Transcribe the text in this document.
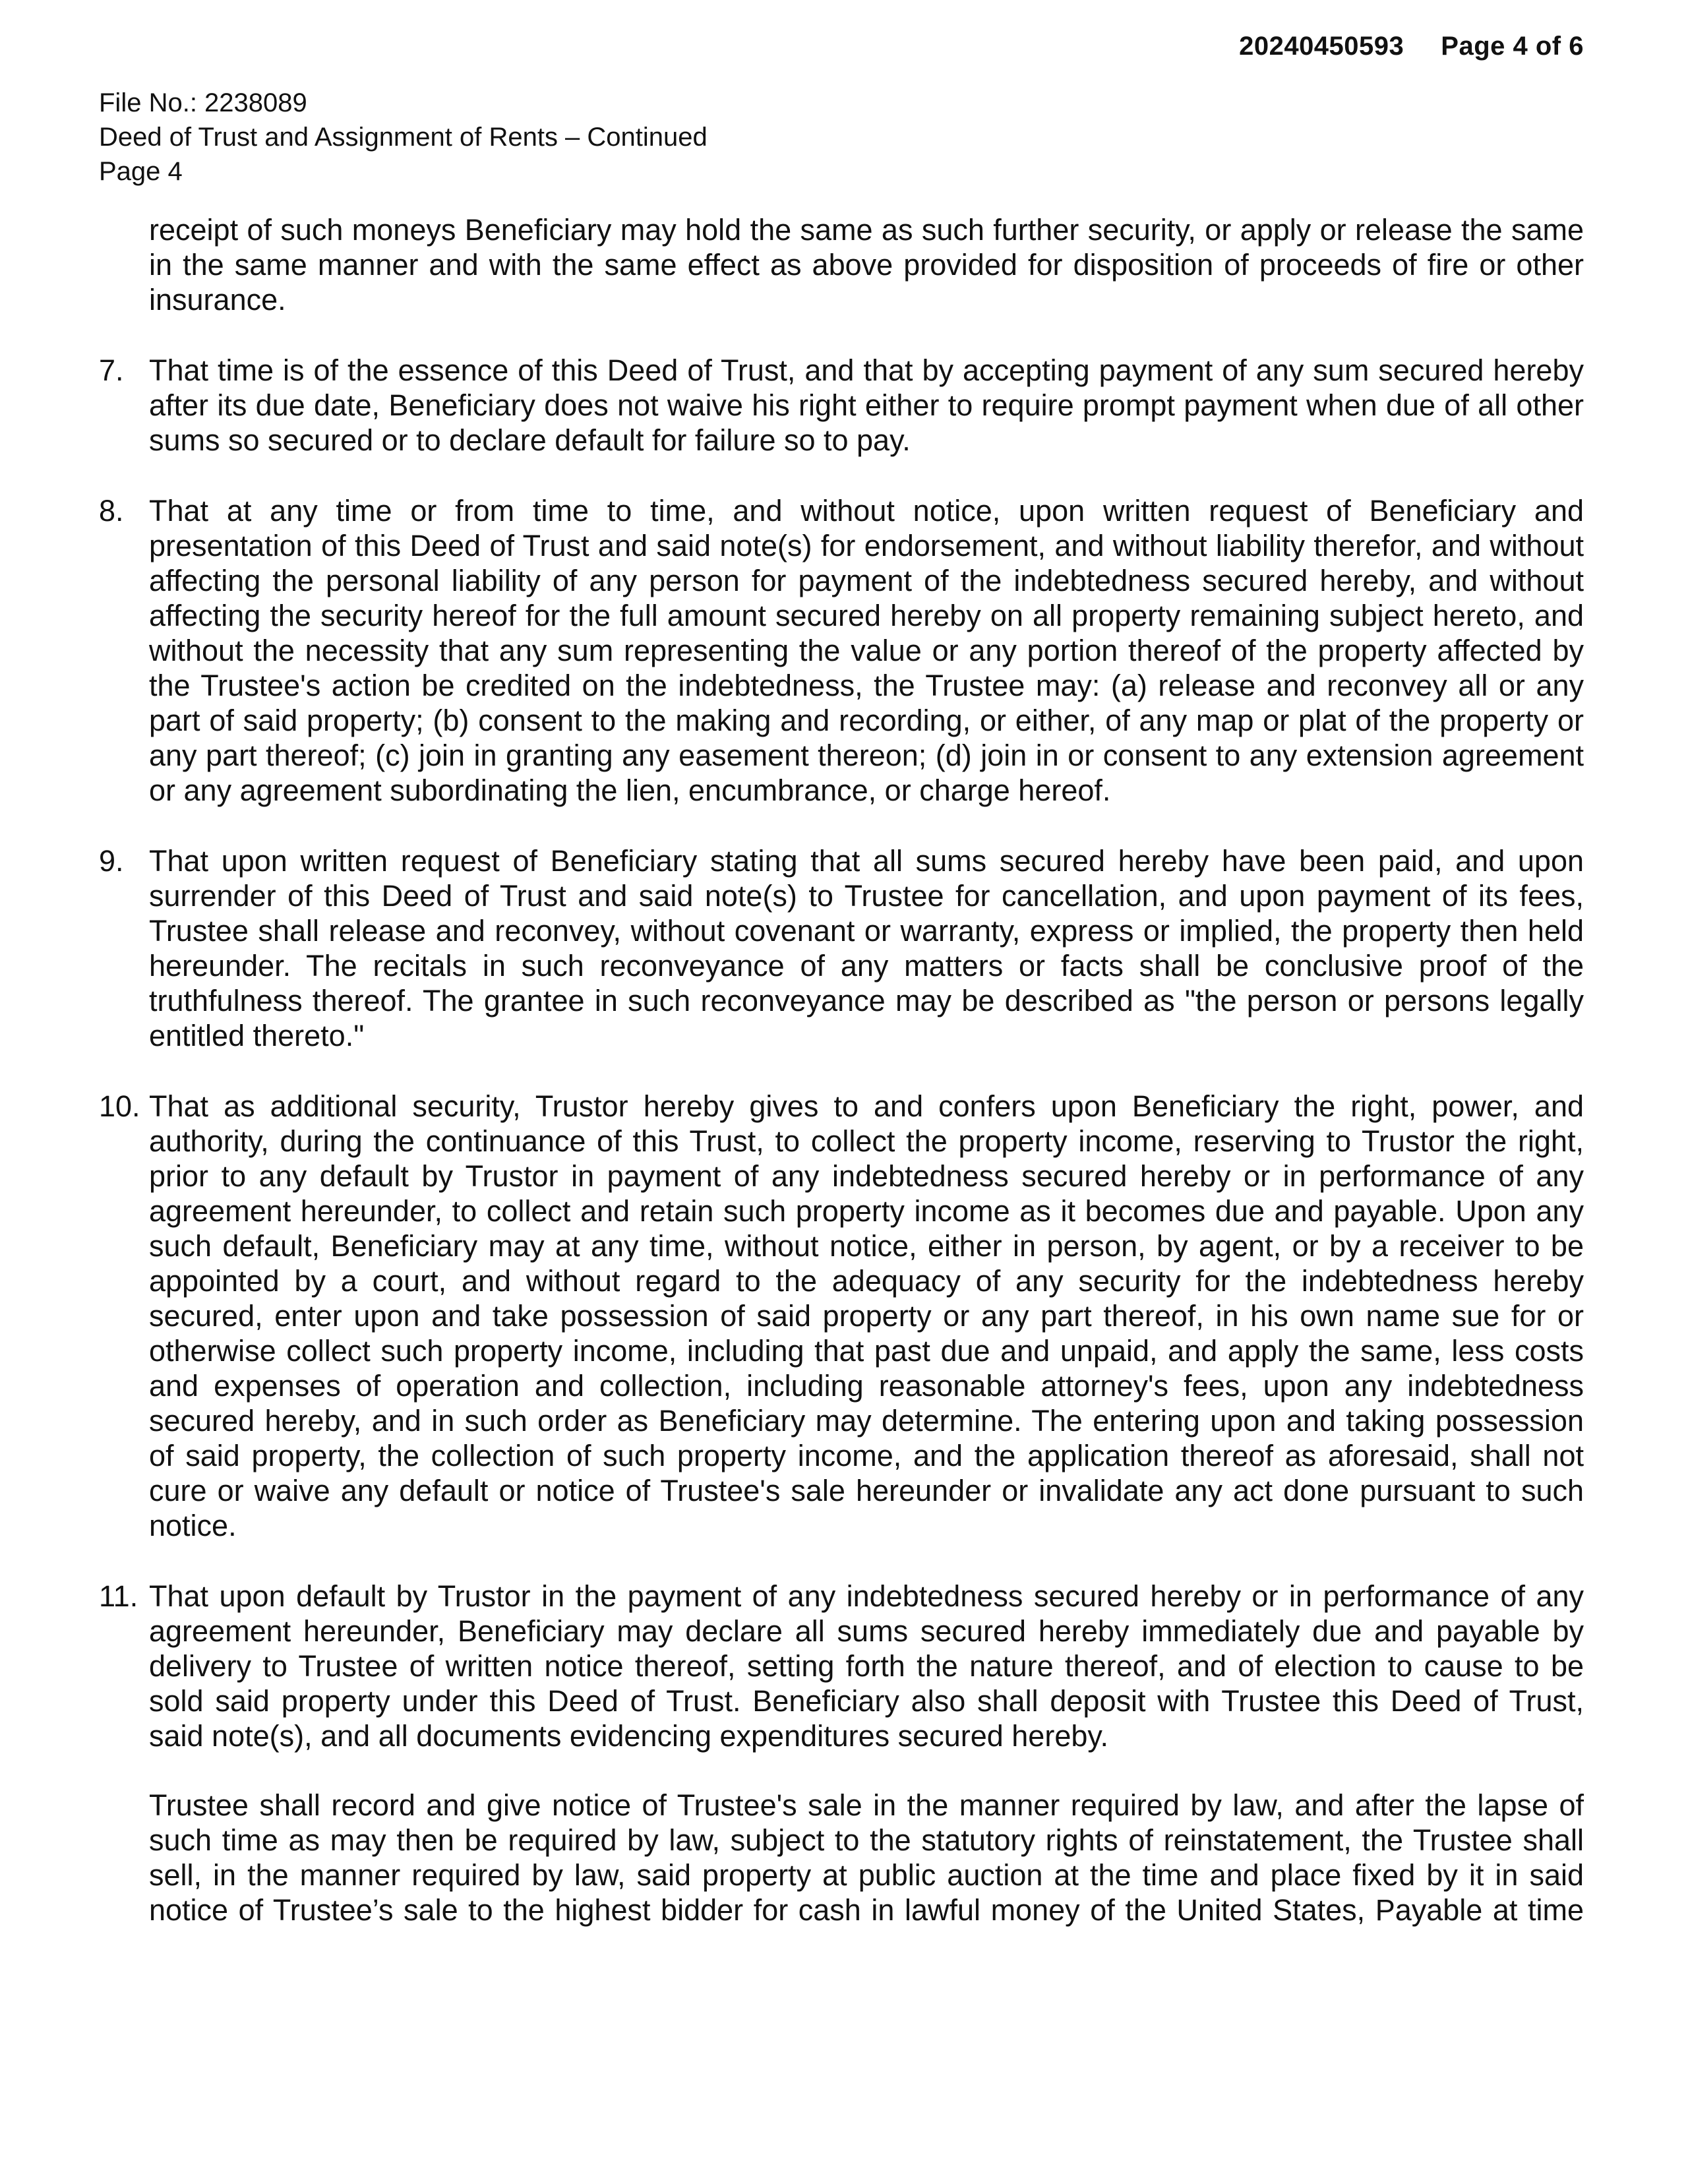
20240450593 Page 4 of 6
File No.: 2238089
Deed of Trust and Assignment of Rents – Continued
Page 4
receipt of such moneys Beneficiary may hold the same as such further security, or apply or release the same in the same manner and with the same effect as above provided for disposition of proceeds of fire or other insurance.
7. That time is of the essence of this Deed of Trust, and that by accepting payment of any sum secured hereby after its due date, Beneficiary does not waive his right either to require prompt payment when due of all other sums so secured or to declare default for failure so to pay.
8. That at any time or from time to time, and without notice, upon written request of Beneficiary and presentation of this Deed of Trust and said note(s) for endorsement, and without liability therefor, and without affecting the personal liability of any person for payment of the indebtedness secured hereby, and without affecting the security hereof for the full amount secured hereby on all property remaining subject hereto, and without the necessity that any sum representing the value or any portion thereof of the property affected by the Trustee's action be credited on the indebtedness, the Trustee may: (a) release and reconvey all or any part of said property; (b) consent to the making and recording, or either, of any map or plat of the property or any part thereof; (c) join in granting any easement thereon; (d) join in or consent to any extension agreement or any agreement subordinating the lien, encumbrance, or charge hereof.
9. That upon written request of Beneficiary stating that all sums secured hereby have been paid, and upon surrender of this Deed of Trust and said note(s) to Trustee for cancellation, and upon payment of its fees, Trustee shall release and reconvey, without covenant or warranty, express or implied, the property then held hereunder. The recitals in such reconveyance of any matters or facts shall be conclusive proof of the truthfulness thereof. The grantee in such reconveyance may be described as "the person or persons legally entitled thereto."
10. That as additional security, Trustor hereby gives to and confers upon Beneficiary the right, power, and authority, during the continuance of this Trust, to collect the property income, reserving to Trustor the right, prior to any default by Trustor in payment of any indebtedness secured hereby or in performance of any agreement hereunder, to collect and retain such property income as it becomes due and payable. Upon any such default, Beneficiary may at any time, without notice, either in person, by agent, or by a receiver to be appointed by a court, and without regard to the adequacy of any security for the indebtedness hereby secured, enter upon and take possession of said property or any part thereof, in his own name sue for or otherwise collect such property income, including that past due and unpaid, and apply the same, less costs and expenses of operation and collection, including reasonable attorney's fees, upon any indebtedness secured hereby, and in such order as Beneficiary may determine. The entering upon and taking possession of said property, the collection of such property income, and the application thereof as aforesaid, shall not cure or waive any default or notice of Trustee's sale hereunder or invalidate any act done pursuant to such notice.
11. That upon default by Trustor in the payment of any indebtedness secured hereby or in performance of any agreement hereunder, Beneficiary may declare all sums secured hereby immediately due and payable by delivery to Trustee of written notice thereof, setting forth the nature thereof, and of election to cause to be sold said property under this Deed of Trust. Beneficiary also shall deposit with Trustee this Deed of Trust, said note(s), and all documents evidencing expenditures secured hereby.
Trustee shall record and give notice of Trustee's sale in the manner required by law, and after the lapse of such time as may then be required by law, subject to the statutory rights of reinstatement, the Trustee shall sell, in the manner required by law, said property at public auction at the time and place fixed by it in said notice of Trustee’s sale to the highest bidder for cash in lawful money of the United States, Payable at time
